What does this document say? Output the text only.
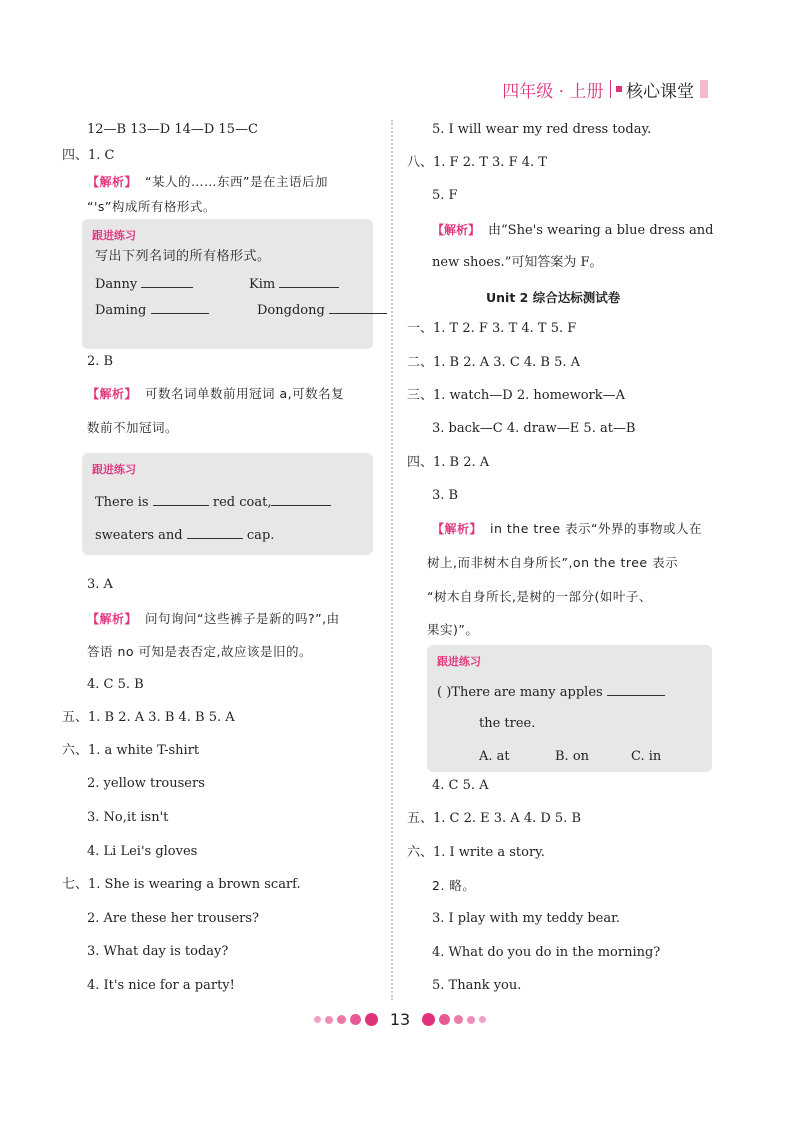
四年级 · 上册 核心课堂
12—B 13—D 14—D 15—C
四、1. C
【解析】 “某人的……东西”是在主语后加
“'s”构成所有格形式。
跟进练习
写出下列名词的所有格形式。
Danny	Kim
Daming	Dongdong
2. B
【解析】 可数名词单数前用冠词 a,可数名复
数前不加冠词。
跟进练习
There is	red coat,
sweaters and	cap.
3. A
【解析】 问句询问“这些裤子是新的吗?”,由
答语 no 可知是表否定,故应该是旧的。
4. C 5. B
五、1. B 2. A 3. B 4. B 5. A
六、1. a white T-shirt
2. yellow trousers
3. No,it isn't
4. Li Lei's gloves
七、1. She is wearing a brown scarf.
2. Are these her trousers?
3. What day is today?
4. It's nice for a party!
5. I will wear my red dress today.
八、1. F 2. T 3. F 4. T
5. F
【解析】 由“She's wearing a blue dress and
new shoes.”可知答案为 F。
Unit 2 综合达标测试卷
一、1. T 2. F 3. T 4. T 5. F
二、1. B 2. A 3. C 4. B 5. A
三、1. watch—D 2. homework—A
3. back—C 4. draw—E 5. at—B
四、1. B 2. A
3. B
【解析】 in the tree 表示“外界的事物或人在
树上,而非树木自身所长”,on the tree 表示
“树木自身所长,是树的一部分(如叶子、
果实)”。
跟进练习
( )There are many apples
the tree.
A. at	B. on	C. in
4. C 5. A
五、1. C 2. E 3. A 4. D 5. B
六、1. I write a story.
2. 略。
3. I play with my teddy bear.
4. What do you do in the morning?
5. Thank you.
13
